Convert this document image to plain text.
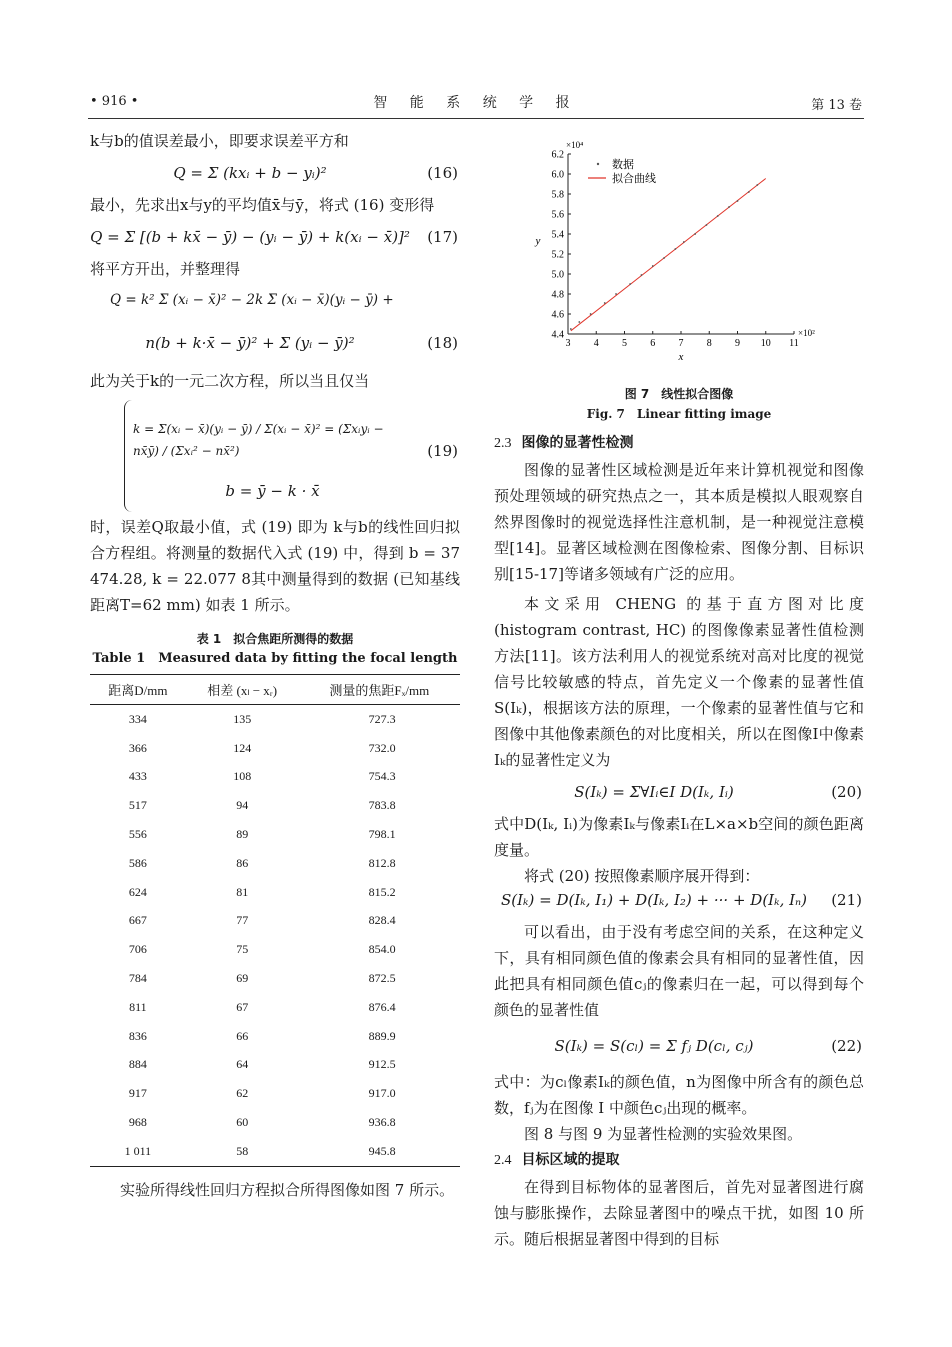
• 916 •	智 能 系 统 学 报	第 13 卷

k与b的值误差最小，即要求误差平方和

Q = Σ (kxᵢ + b − yᵢ)²	(16)

最小，先求出x与y的平均值x̄与ȳ，将式 (16) 变形得

Q = Σ [(b + kx̄ − ȳ) − (yᵢ − ȳ) + k(xᵢ − x̄)]² (17)

将平方开出，并整理得

Q = k² Σ (xᵢ − x̄)² − 2k Σ (xᵢ − x̄)(yᵢ − ȳ) +
n(b + k·x̄ − ȳ)² + Σ (yᵢ − ȳ)²	(18)

此为关于k的一元二次方程，所以当且仅当

k = Σ(xᵢ − x̄)(yᵢ − ȳ) / Σ(xᵢ − x̄)² = (Σxᵢyᵢ − nx̄ȳ) / (Σxᵢ² − nx̄²)
b = ȳ − k · x̄
(19)

时，误差Q取最小值，式 (19) 即为 k与b的线性回归拟合方程组。将测量的数据代入式 (19) 中，得到 b = 37 474.28, k = 22.077 8其中测量得到的数据 (已知基线距离T=62 mm) 如表 1 所示。

表 1　拟合焦距所测得的数据
Table 1　Measured data by fitting the focal length
距离D/mm	相差 (xₗ − xᵣ)	测量的焦距Fₓ/mm
334	135	727.3
366	124	732.0
433	108	754.3
517	94	783.8
556	89	798.1
586	86	812.8
624	81	815.2
667	77	828.4
706	75	854.0
784	69	872.5
811	67	876.4
836	66	889.9
884	64	912.5
917	62	917.0
968	60	936.8
1 011	58	945.8

实验所得线性回归方程拟合所得图像如图 7 所示。

3 4 5 6 7 8 9 10 11
4.4
4.6
4.8
5.0
5.2
5.4
5.6
5.8
6.0
6.2
×10⁴
×10²
x
y
数据
拟合曲线
图 7　线性拟合图像
Fig. 7　Linear fitting image
2.3 图像的显著性检测

图像的显著性区域检测是近年来计算机视觉和图像预处理领域的研究热点之一，其本质是模拟人眼观察自然界图像时的视觉选择性注意机制，是一种视觉注意模型[14]。显著区域检测在图像检索、图像分割、目标识别[15-17]等诸多领域有广泛的应用。

本文采用 CHENG 的基于直方图对比度 (histogram contrast, HC) 的图像像素显著性值检测方法[11]。该方法利用人的视觉系统对高对比度的视觉信号比较敏感的特点，首先定义一个像素的显著性值S(Iₖ)，根据该方法的原理，一个像素的显著性值与它和图像中其他像素颜色的对比度相关，所以在图像I中像素Iₖ的显著性定义为

S(Iₖ) = Σ∀Iᵢ∈I D(Iₖ, Iᵢ)	(20)

式中D(Iₖ, Iᵢ)为像素Iₖ与像素Iᵢ在L×a×b空间的颜色距离度量。

将式 (20) 按照像素顺序展开得到：

S(Iₖ) = D(Iₖ, I₁) + D(Iₖ, I₂) + ··· + D(Iₖ, Iₙ)	(21)

可以看出，由于没有考虑空间的关系，在这种定义下，具有相同颜色值的像素会具有相同的显著性值，因此把具有相同颜色值cⱼ的像素归在一起，可以得到每个颜色的显著性值

S(Iₖ) = S(cₗ) = Σ fⱼ D(cₗ, cⱼ)	(22)

式中：为cₗ像素Iₖ的颜色值，n为图像中所含有的颜色总数，fⱼ为在图像 I 中颜色cⱼ出现的概率。

图 8 与图 9 为显著性检测的实验效果图。

2.4 目标区域的提取

在得到目标物体的显著图后，首先对显著图进行腐蚀与膨胀操作，去除显著图中的噪点干扰，如图 10 所示。随后根据显著图中得到的目标
